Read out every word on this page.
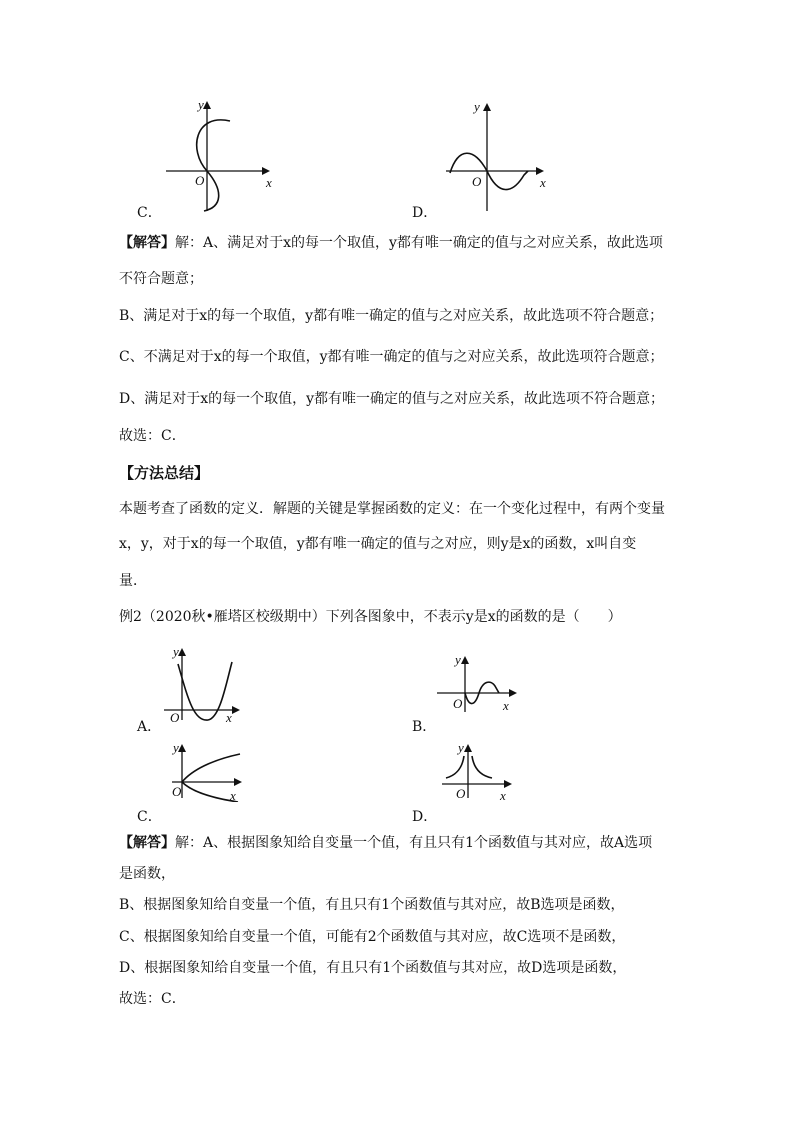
y
x
O
C．
y
x
O
D．
【解答】解：A、满足对于x的每一个取值，y都有唯一确定的值与之对应关系，故此选项
不符合题意；
B、满足对于x的每一个取值，y都有唯一确定的值与之对应关系，故此选项不符合题意；
C、不满足对于x的每一个取值，y都有唯一确定的值与之对应关系，故此选项符合题意；
D、满足对于x的每一个取值，y都有唯一确定的值与之对应关系，故此选项不符合题意；
故选：C．
【方法总结】
本题考查了函数的定义．解题的关键是掌握函数的定义：在一个变化过程中，有两个变量
x，y，对于x的每一个取值，y都有唯一确定的值与之对应，则y是x的函数，x叫自变
量．
例2（2020秋•雁塔区校级期中）下列各图象中，不表示y是x的函数的是（　　）
y
x
O
A．
y
x
O
B．
y
x
O
C．
y
x
O
D．
【解答】解：A、根据图象知给自变量一个值，有且只有1个函数值与其对应，故A选项
是函数，
B、根据图象知给自变量一个值，有且只有1个函数值与其对应，故B选项是函数，
C、根据图象知给自变量一个值，可能有2个函数值与其对应，故C选项不是函数，
D、根据图象知给自变量一个值，有且只有1个函数值与其对应，故D选项是函数，
故选：C．
